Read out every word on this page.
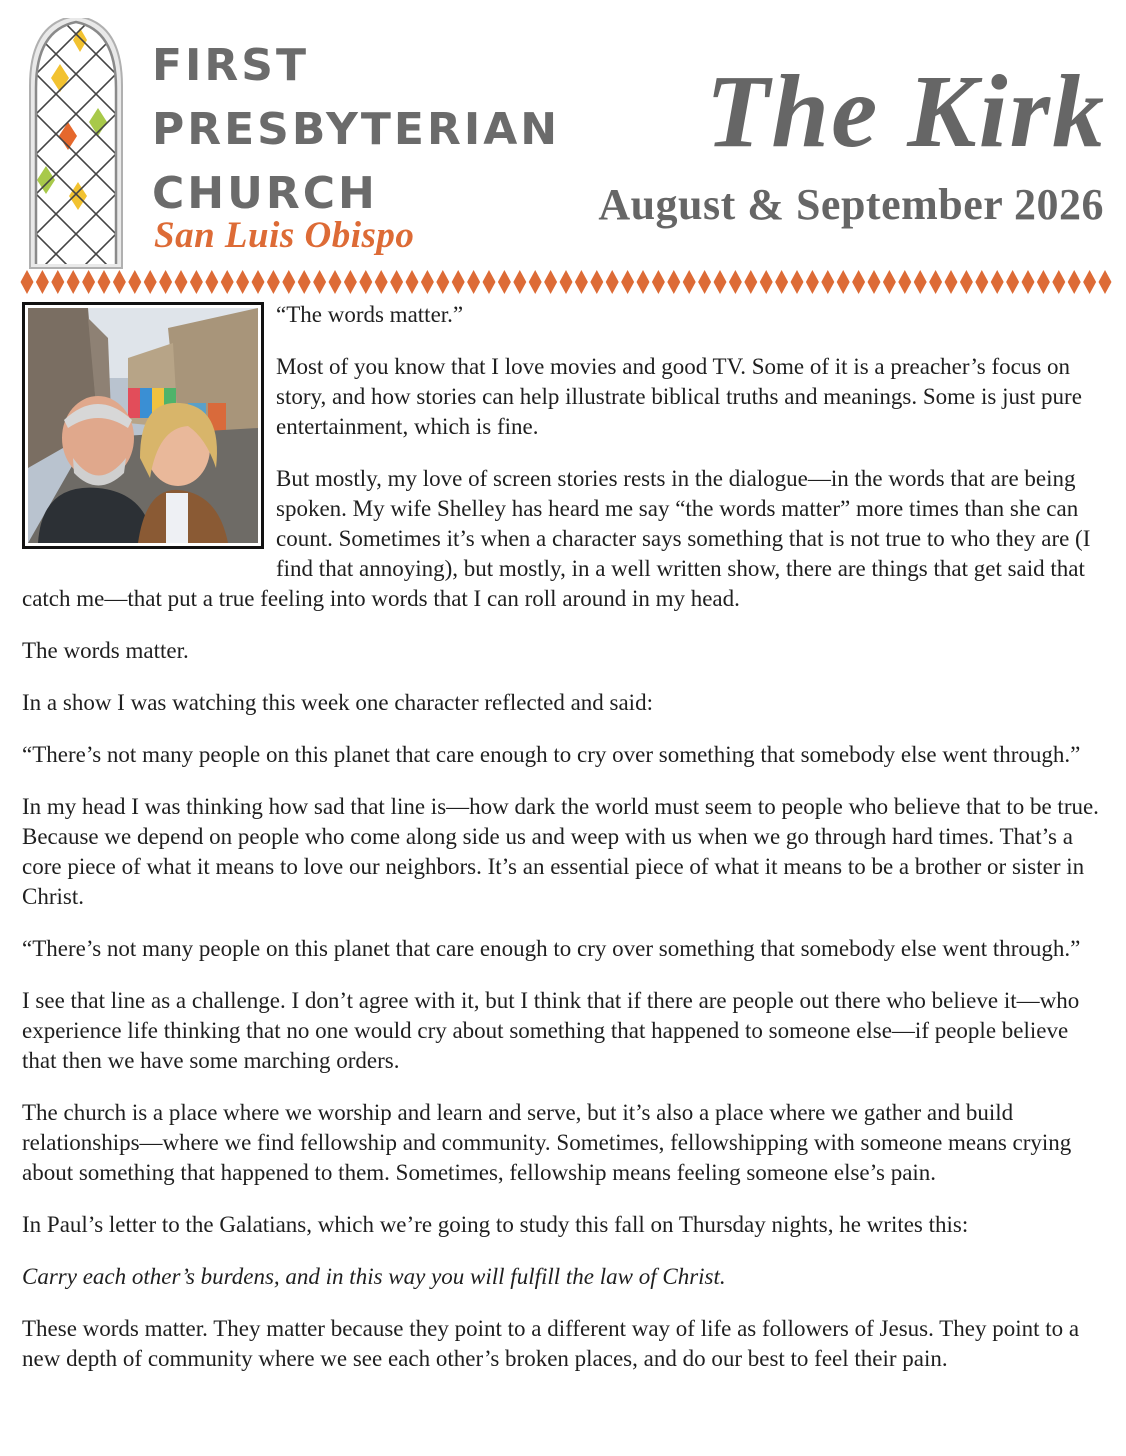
FIRST
PRESBYTERIAN
CHURCH
San Luis Obispo
The Kirk
August & September 2026

“The words matter.”

Most of you know that I love movies and good TV. Some of it is a preacher’s focus on story, and how stories can help illustrate biblical truths and meanings. Some is just pure entertainment, which is fine.

But mostly, my love of screen stories rests in the dialogue—in the words that are being spoken. My wife Shelley has heard me say “the words matter” more times than she can count. Sometimes it’s when a character says something that is not true to who they are (I find that annoying), but mostly, in a well written show, there are things that get said that catch me—that put a true feeling into words that I can roll around in my head.

The words matter.

In a show I was watching this week one character reflected and said:

“There’s not many people on this planet that care enough to cry over something that somebody else went through.”

In my head I was thinking how sad that line is—how dark the world must seem to people who believe that to be true. Because we depend on people who come along side us and weep with us when we go through hard times. That’s a core piece of what it means to love our neighbors. It’s an essential piece of what it means to be a brother or sister in Christ.

“There’s not many people on this planet that care enough to cry over something that somebody else went through.”

I see that line as a challenge. I don’t agree with it, but I think that if there are people out there who believe it—who experience life thinking that no one would cry about something that happened to someone else—if people believe that then we have some marching orders.

The church is a place where we worship and learn and serve, but it’s also a place where we gather and build relationships—where we find fellowship and community. Sometimes, fellowshipping with someone means crying about something that happened to them. Sometimes, fellowship means feeling someone else’s pain.

In Paul’s letter to the Galatians, which we’re going to study this fall on Thursday nights, he writes this:

Carry each other’s burdens, and in this way you will fulfill the law of Christ.

These words matter. They matter because they point to a different way of life as followers of Jesus. They point to a new depth of community where we see each other’s broken places, and do our best to feel their pain.
